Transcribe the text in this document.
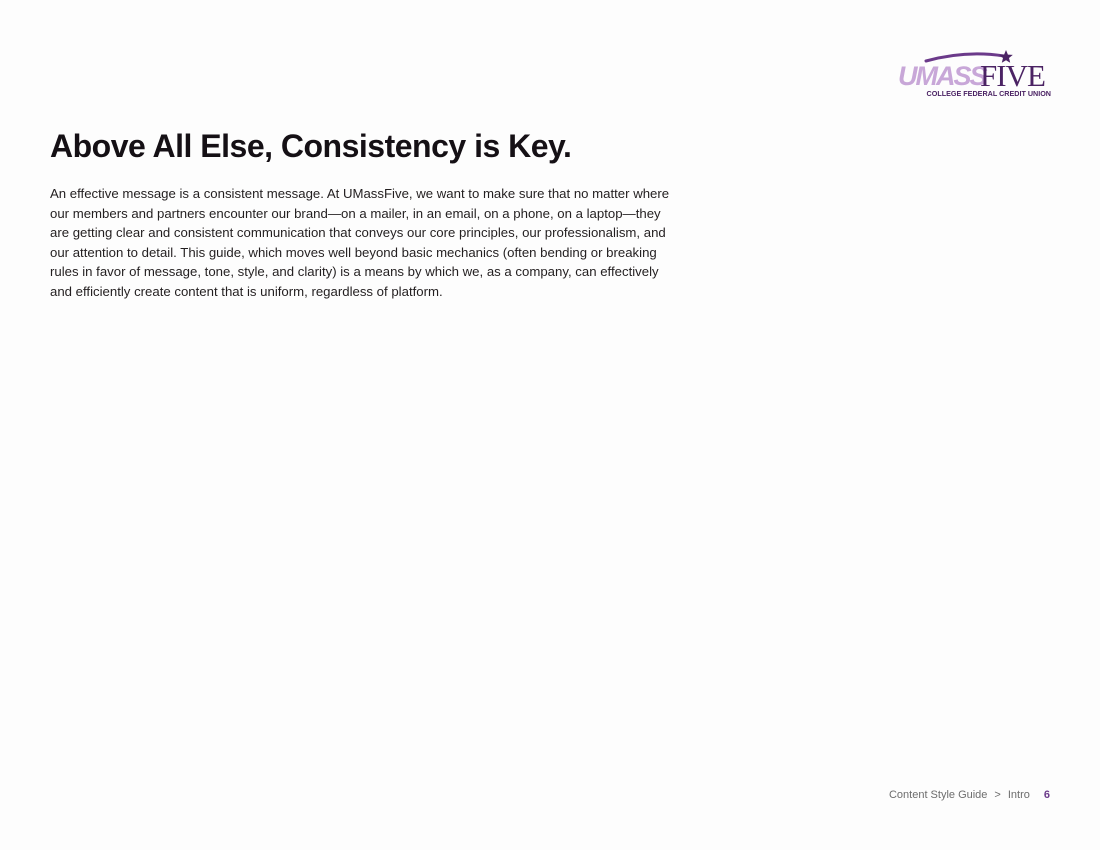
UMASS
FIVE
COLLEGE FEDERAL CREDIT UNION
Above All Else, Consistency is Key.

An effective message is a consistent message. At UMassFive, we want to make sure that no matter where our members and partners encounter our brand—on a mailer, in an email, on a phone, on a laptop—they are getting clear and consistent communication that conveys our core principles, our professionalism, and our attention to detail. This guide, which moves well beyond basic mechanics (often bending or breaking rules in favor of message, tone, style, and clarity) is a means by which we, as a company, can effectively and efficiently create content that is uniform, regardless of platform.

Content Style Guide > Intro 6
